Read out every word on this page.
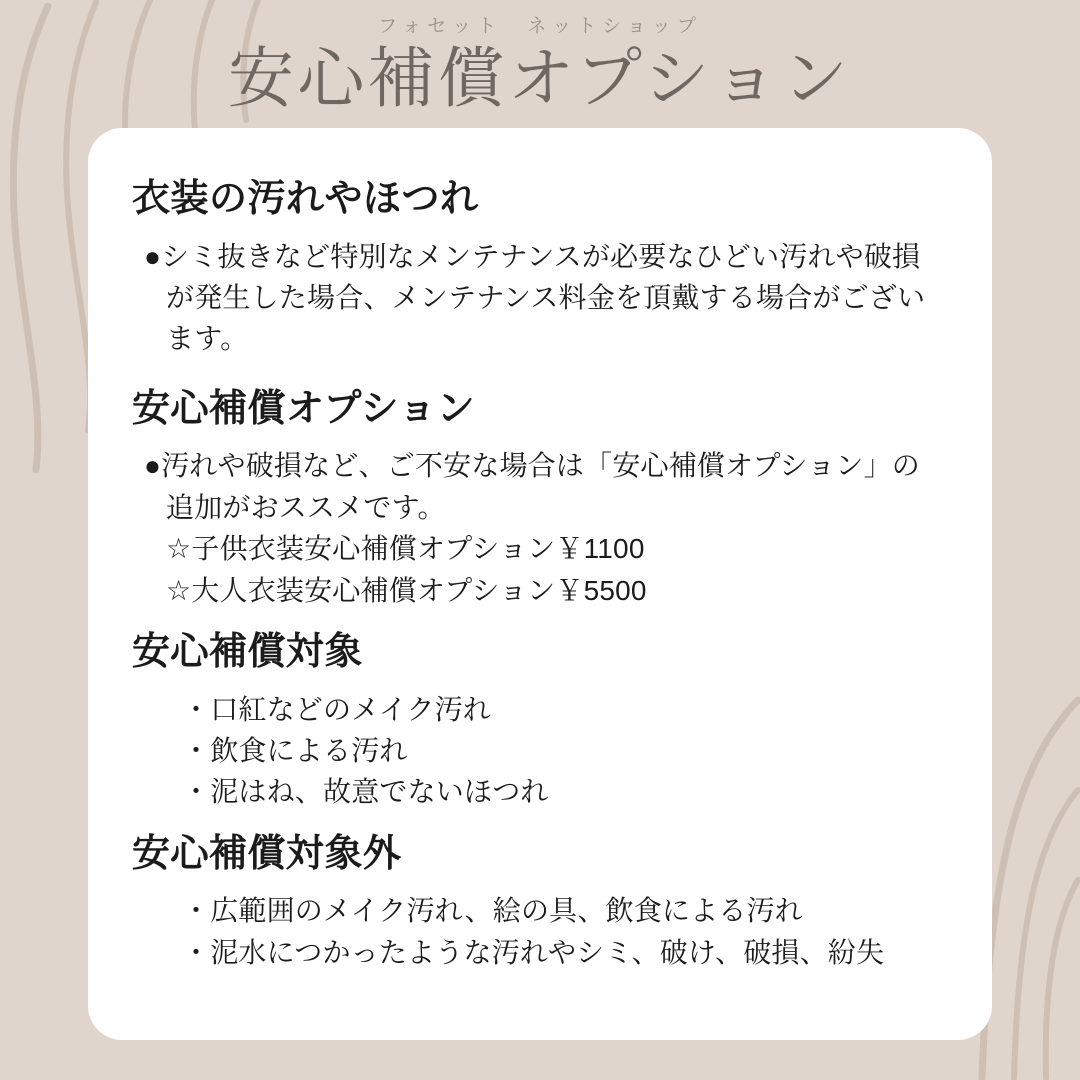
フォセット　ネットショップ

安心補償オプション
衣装の汚れやほつれ

●シミ抜きなど特別なメンテナンスが必要なひどい汚れや破損が発生した場合、メンテナンス料金を頂戴する場合がございます。

安心補償オプション

●汚れや破損など、ご不安な場合は「安心補償オプション」の追加がおススメです。

☆子供衣装安心補償オプション￥1100

☆大人衣装安心補償オプション￥5500

安心補償対象

・口紅などのメイク汚れ

・飲食による汚れ

・泥はね、故意でないほつれ

安心補償対象外

・広範囲のメイク汚れ、絵の具、飲食による汚れ

・泥水につかったような汚れやシミ、破け、破損、紛失
